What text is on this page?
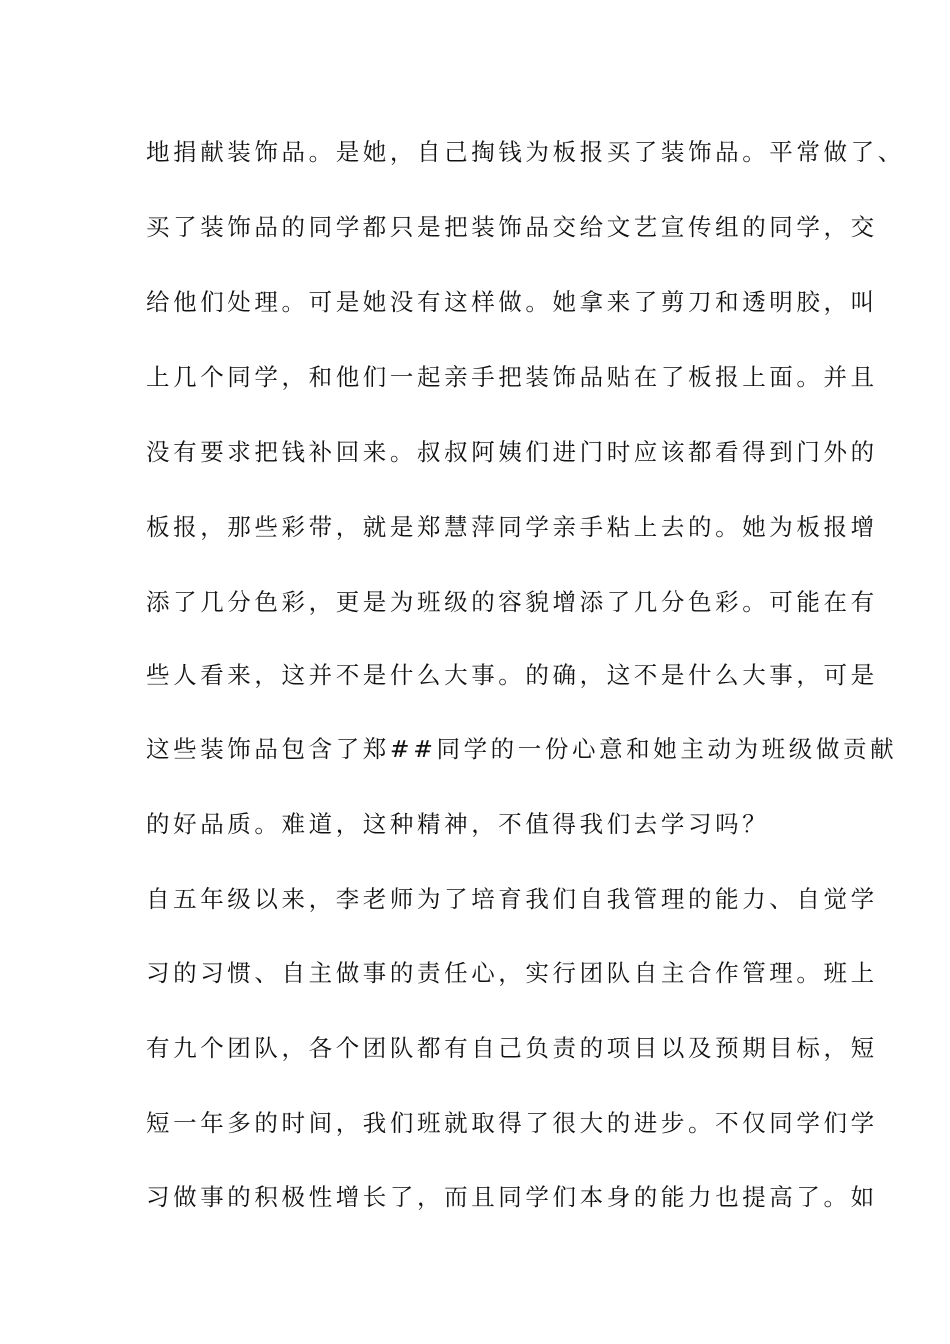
地捐献装饰品。是她，自己掏钱为板报买了装饰品。平常做了、
买了装饰品的同学都只是把装饰品交给文艺宣传组的同学，交
给他们处理。可是她没有这样做。她拿来了剪刀和透明胶，叫
上几个同学，和他们一起亲手把装饰品贴在了板报上面。并且
没有要求把钱补回来。叔叔阿姨们进门时应该都看得到门外的
板报，那些彩带，就是郑慧萍同学亲手粘上去的。她为板报增
添了几分色彩，更是为班级的容貌增添了几分色彩。可能在有
些人看来，这并不是什么大事。的确，这不是什么大事，可是
这些装饰品包含了郑##同学的一份心意和她主动为班级做贡献
的好品质。难道，这种精神，不值得我们去学习吗？
自五年级以来，李老师为了培育我们自我管理的能力、自觉学
习的习惯、自主做事的责任心，实行团队自主合作管理。班上
有九个团队，各个团队都有自己负责的项目以及预期目标，短
短一年多的时间，我们班就取得了很大的进步。不仅同学们学
习做事的积极性增长了，而且同学们本身的能力也提高了。如
